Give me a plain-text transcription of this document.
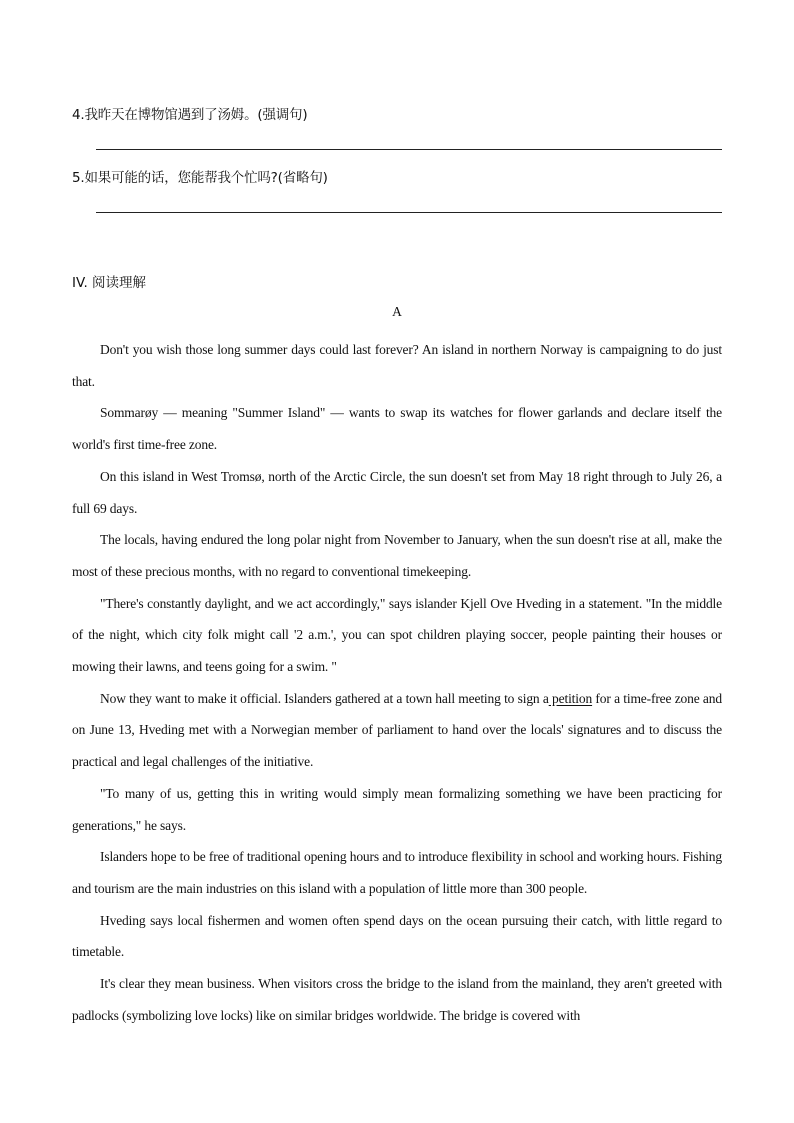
4.我昨天在博物馆遇到了汤姆。(强调句)
5.如果可能的话，您能帮我个忙吗?(省略句)
IV. 阅读理解
A

Don't you wish those long summer days could last forever? An island in northern Norway is campaigning to do just that.

Sommarøy — meaning "Summer Island" — wants to swap its watches for flower garlands and declare itself the world's first time-free zone.

On this island in West Tromsø, north of the Arctic Circle, the sun doesn't set from May 18 right through to July 26, a full 69 days.

The locals, having endured the long polar night from November to January, when the sun doesn't rise at all, make the most of these precious months, with no regard to conventional timekeeping.

"There's constantly daylight, and we act accordingly," says islander Kjell Ove Hveding in a statement. "In the middle of the night, which city folk might call '2 a.m.', you can spot children playing soccer, people painting their houses or mowing their lawns, and teens going for a swim. "

Now they want to make it official. Islanders gathered at a town hall meeting to sign a petition for a time-free zone and on June 13, Hveding met with a Norwegian member of parliament to hand over the locals' signatures and to discuss the practical and legal challenges of the initiative.

"To many of us, getting this in writing would simply mean formalizing something we have been practicing for generations," he says.

Islanders hope to be free of traditional opening hours and to introduce flexibility in school and working hours. Fishing and tourism are the main industries on this island with a population of little more than 300 people.

Hveding says local fishermen and women often spend days on the ocean pursuing their catch, with little regard to timetable.

It's clear they mean business. When visitors cross the bridge to the island from the mainland, they aren't greeted with padlocks (symbolizing love locks) like on similar bridges worldwide. The bridge is covered with
